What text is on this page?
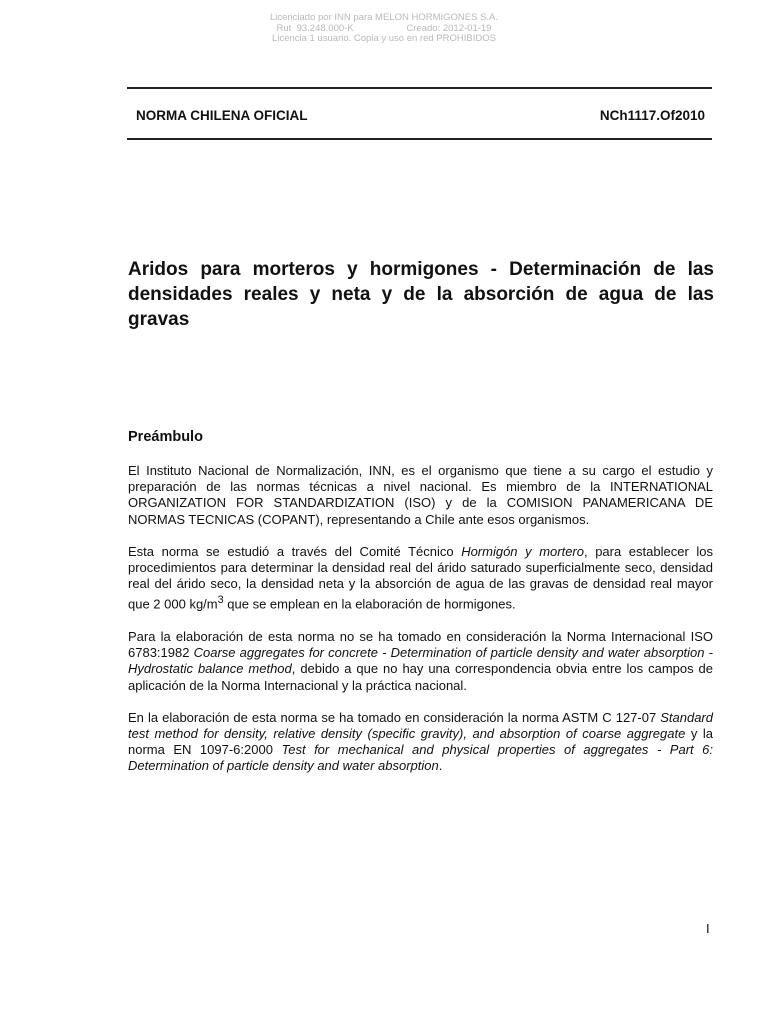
Licenciado por INN para MELON HORMIGONES S.A.
Rut  93.248.000-K                    Creado: 2012-01-19
Licencia 1 usuario. Copia y uso en red PROHIBIDOS
NORMA CHILENA OFICIAL	NCh1117.Of2010
Aridos para morteros y hormigones - Determinación de las densidades reales y neta y de la absorción de agua de las gravas
Preámbulo

El Instituto Nacional de Normalización, INN, es el organismo que tiene a su cargo el estudio y preparación de las normas técnicas a nivel nacional. Es miembro de la INTERNATIONAL ORGANIZATION FOR STANDARDIZATION (ISO) y de la COMISION PANAMERICANA DE NORMAS TECNICAS (COPANT), representando a Chile ante esos organismos.

Esta norma se estudió a través del Comité Técnico Hormigón y mortero, para establecer los procedimientos para determinar la densidad real del árido saturado superficialmente seco, densidad real del árido seco, la densidad neta y la absorción de agua de las gravas de densidad real mayor que 2 000 $kg/m^3$ que se emplean en la elaboración de hormigones.

Para la elaboración de esta norma no se ha tomado en consideración la Norma Internacional ISO 6783:1982 Coarse aggregates for concrete - Determination of particle density and water absorption - Hydrostatic balance method, debido a que no hay una correspondencia obvia entre los campos de aplicación de la Norma Internacional y la práctica nacional.

En la elaboración de esta norma se ha tomado en consideración la norma ASTM C 127-07 Standard test method for density, relative density (specific gravity), and absorption of coarse aggregate y la norma EN 1097-6:2000 Test for mechanical and physical properties of aggregates - Part 6: Determination of particle density and water absorption.

I
